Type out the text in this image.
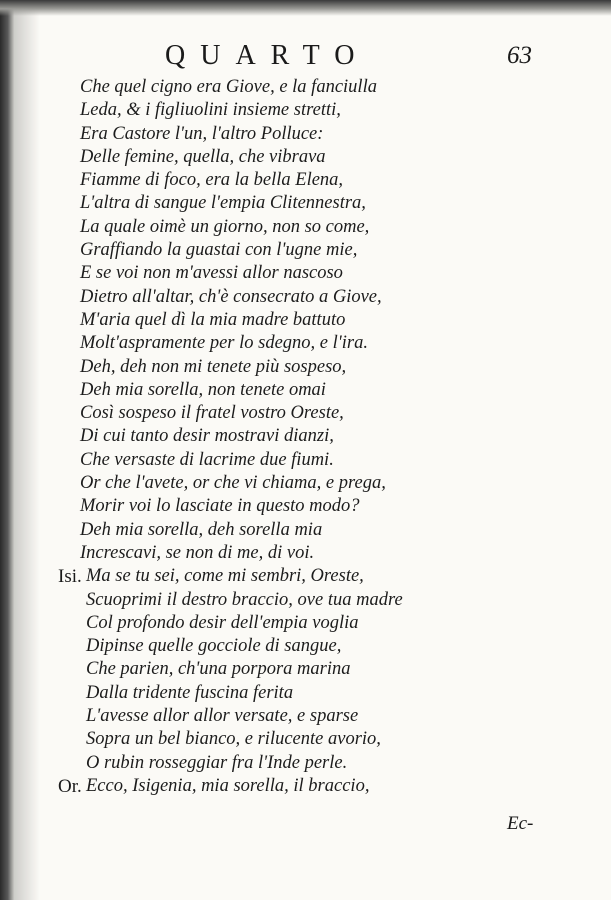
QUARTO	63
Che quel cigno era Giove, e la fanciulla
Leda, & i figliuolini insieme stretti,
Era Castore l'un, l'altro Polluce:
Delle femine, quella, che vibrava
Fiamme di foco, era la bella Elena,
L'altra di sangue l'empia Clitennestra,
La quale oimè un giorno, non so come,
Graffiando la guastai con l'ugne mie,
E se voi non m'avessi allor nascoso
Dietro all'altar, ch'è consecrato a Giove,
M'aria quel dì la mia madre battuto
Molt'aspramente per lo sdegno, e l'ira.
Deh, deh non mi tenete più sospeso,
Deh mia sorella, non tenete omai
Così sospeso il fratel vostro Oreste,
Di cui tanto desir mostravi dianzi,
Che versaste di lacrime due fiumi.
Or che l'avete, or che vi chiama, e prega,
Morir voi lo lasciate in questo modo?
Deh mia sorella, deh sorella mia
Increscavi, se non di me, di voi.
Isi. Ma se tu sei, come mi sembri, Oreste,
Scuoprimi il destro braccio, ove tua madre
Col profondo desir dell'empia voglia
Dipinse quelle gocciole di sangue,
Che parien, ch'una porpora marina
Dalla tridente fuscina ferita
L'avesse allor allor versate, e sparse
Sopra un bel bianco, e rilucente avorio,
O rubin rosseggiar fra l'Inde perle.
Or. Ecco, Isigenia, mia sorella, il braccio,
Ec-
